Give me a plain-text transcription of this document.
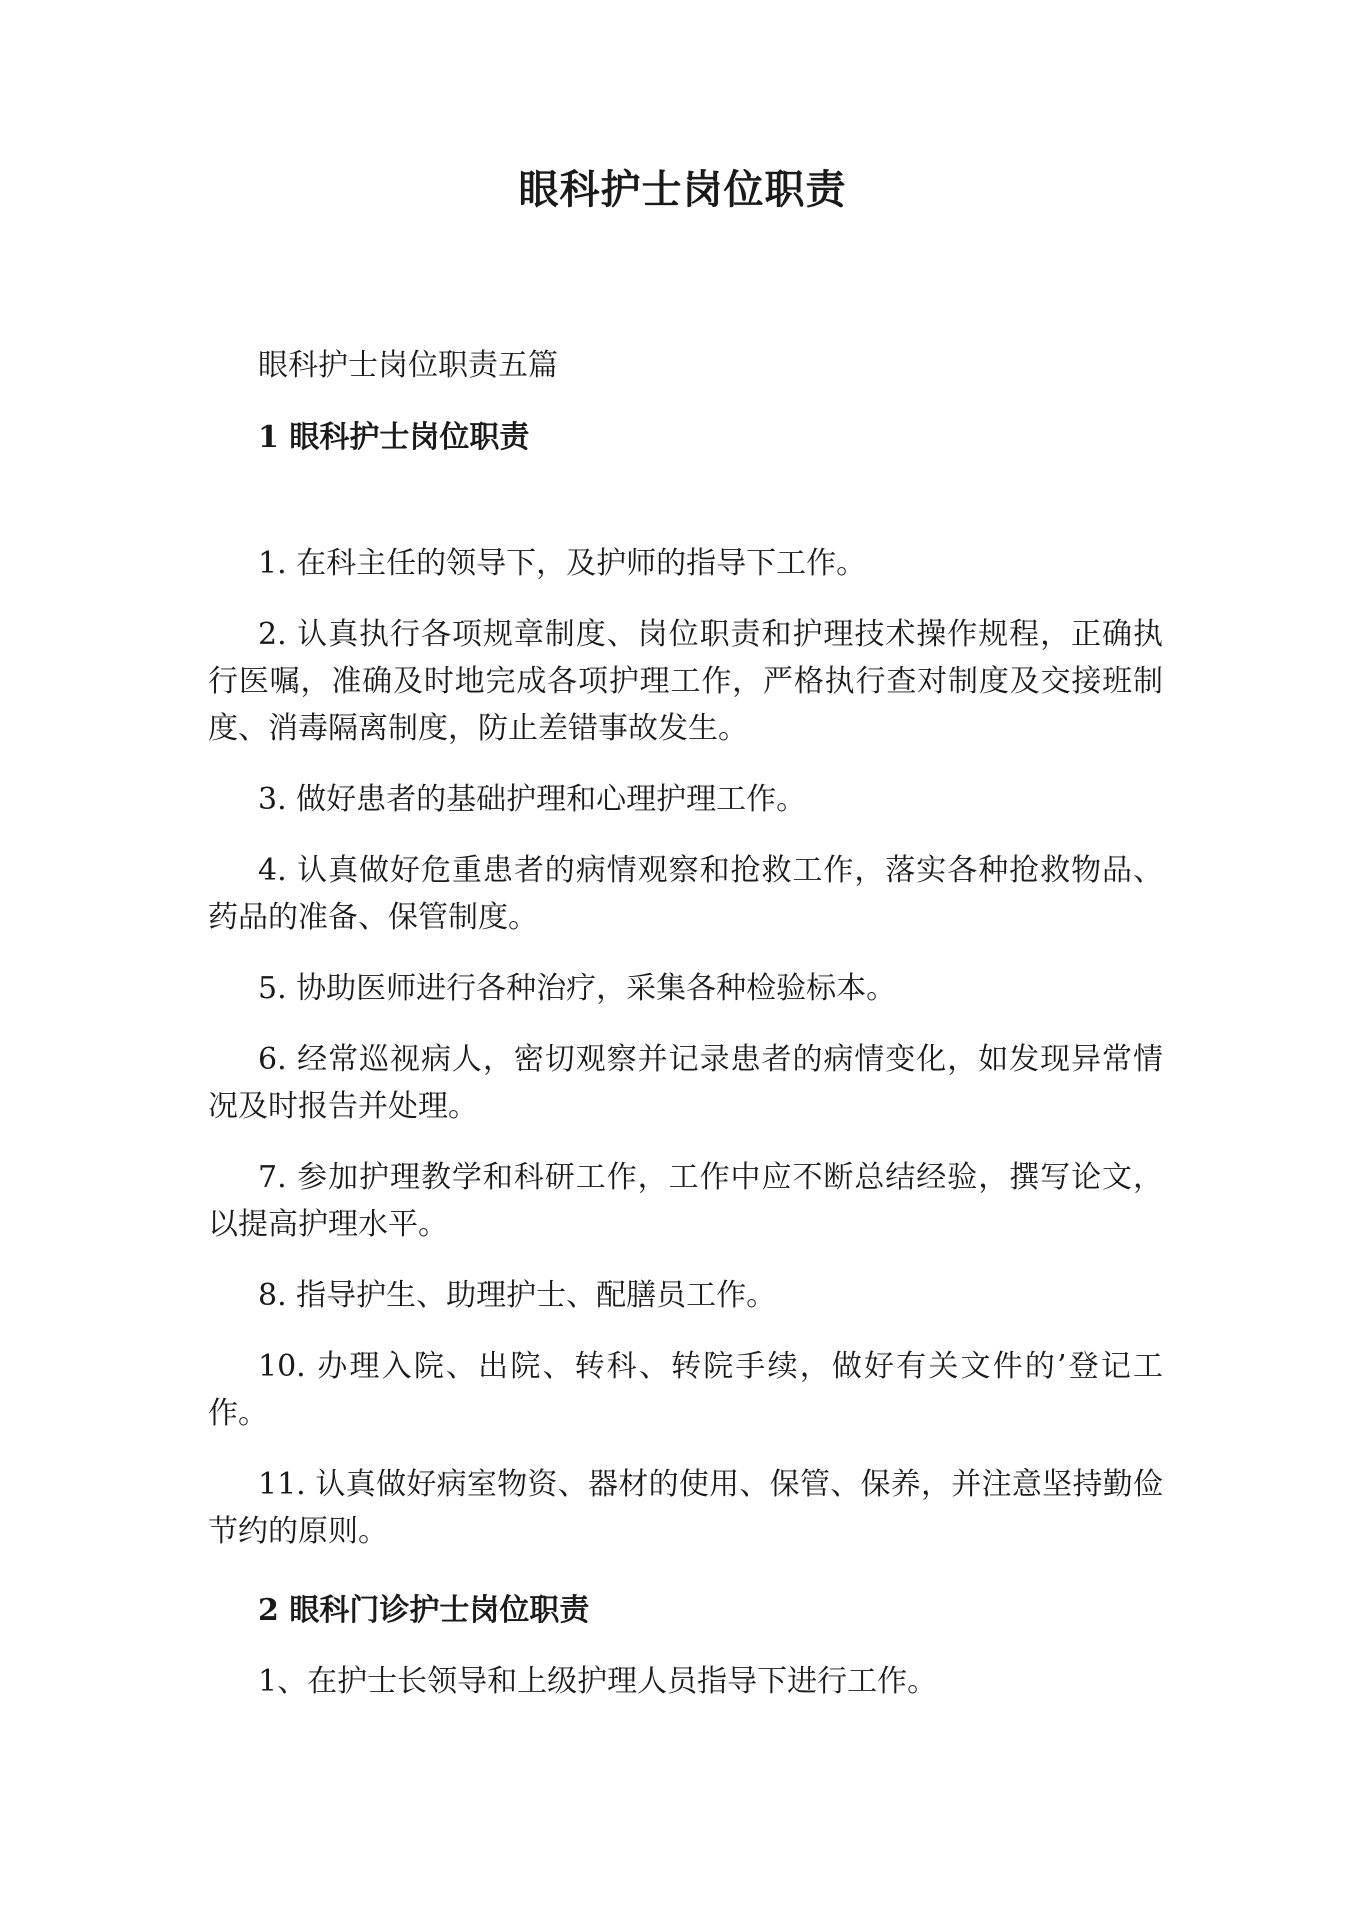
眼科护士岗位职责
眼科护士岗位职责五篇
1 眼科护士岗位职责

1. 在科主任的领导下，及护师的指导下工作。

2. 认真执行各项规章制度、岗位职责和护理技术操作规程，正确执行医嘱，准确及时地完成各项护理工作，严格执行查对制度及交接班制度、消毒隔离制度，防止差错事故发生。

3. 做好患者的基础护理和心理护理工作。

4. 认真做好危重患者的病情观察和抢救工作，落实各种抢救物品、药品的准备、保管制度。

5. 协助医师进行各种治疗，采集各种检验标本。

6. 经常巡视病人，密切观察并记录患者的病情变化，如发现异常情况及时报告并处理。

7. 参加护理教学和科研工作，工作中应不断总结经验，撰写论文，以提高护理水平。

8. 指导护生、助理护士、配膳员工作。

10. 办理入院、出院、转科、转院手续，做好有关文件的’登记工作。

11. 认真做好病室物资、器材的使用、保管、保养，并注意坚持勤俭节约的原则。

2 眼科门诊护士岗位职责

1、在护士长领导和上级护理人员指导下进行工作。
